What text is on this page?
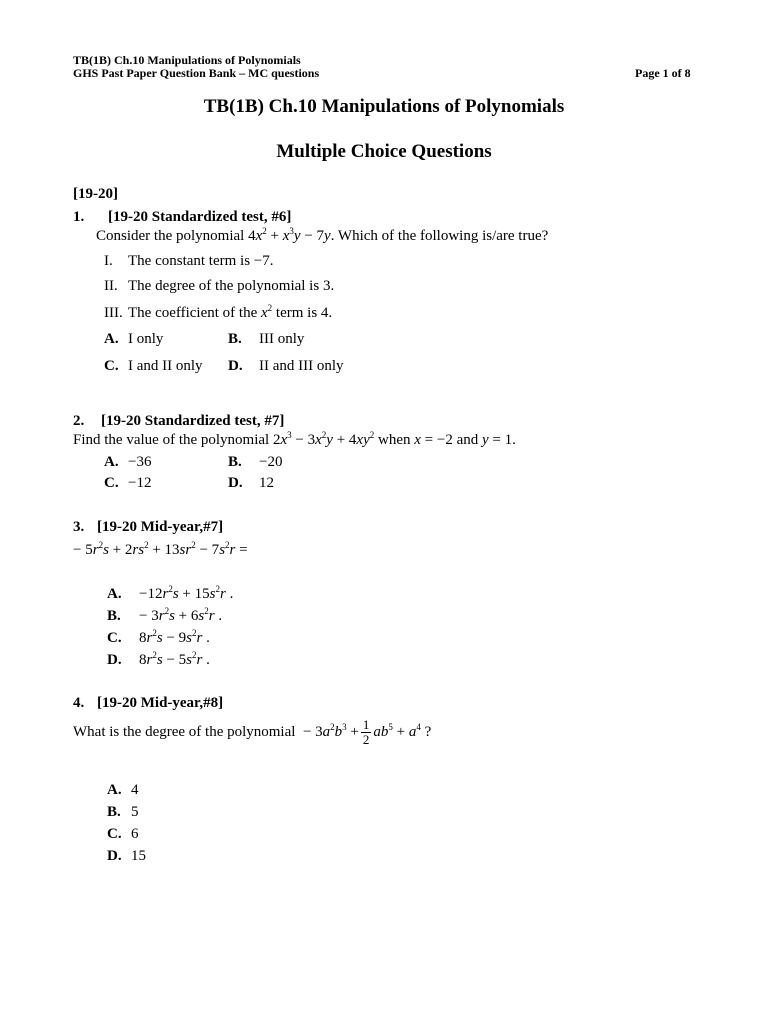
TB(1B) Ch.10 Manipulations of Polynomials
GHS Past Paper Question Bank – MC questions	Page 1 of 8
TB(1B) Ch.10 Manipulations of Polynomials
Multiple Choice Questions
[19-20]
1. [19-20 Standardized test, #6]
Consider the polynomial $4x^2 + x^3y - 7y$. Which of the following is/are true?
I. The constant term is −7.
II. The degree of the polynomial is 3.
III. The coefficient of the $x^2$ term is 4.
A. I only	B. III only
C. I and II only D. II and III only
2. [19-20 Standardized test, #7]
Find the value of the polynomial $2x^3 - 3x^2y + 4xy^2$ when x = −2 and y = 1.
A. −36	B. −20
C. −12	D. 12
3. [19-20 Mid-year,#7]
− $5r^2s + 2rs^2 + 13sr^2 - 7s^2r$ =
A. $-12r^2s + 15s^2r$ .
B. − $3r^2s + 6s^2r$ .
C. $8r^2s - 9s^2r$ .
D. $8r^2s - 5s^2r$ .
4. [19-20 Mid-year,#8]
What is the degree of the polynomial  − $3a^2b^3 + \frac{1}{2} ab^5 + a^4$ ?
A. 4
B. 5
C. 6
D. 15
